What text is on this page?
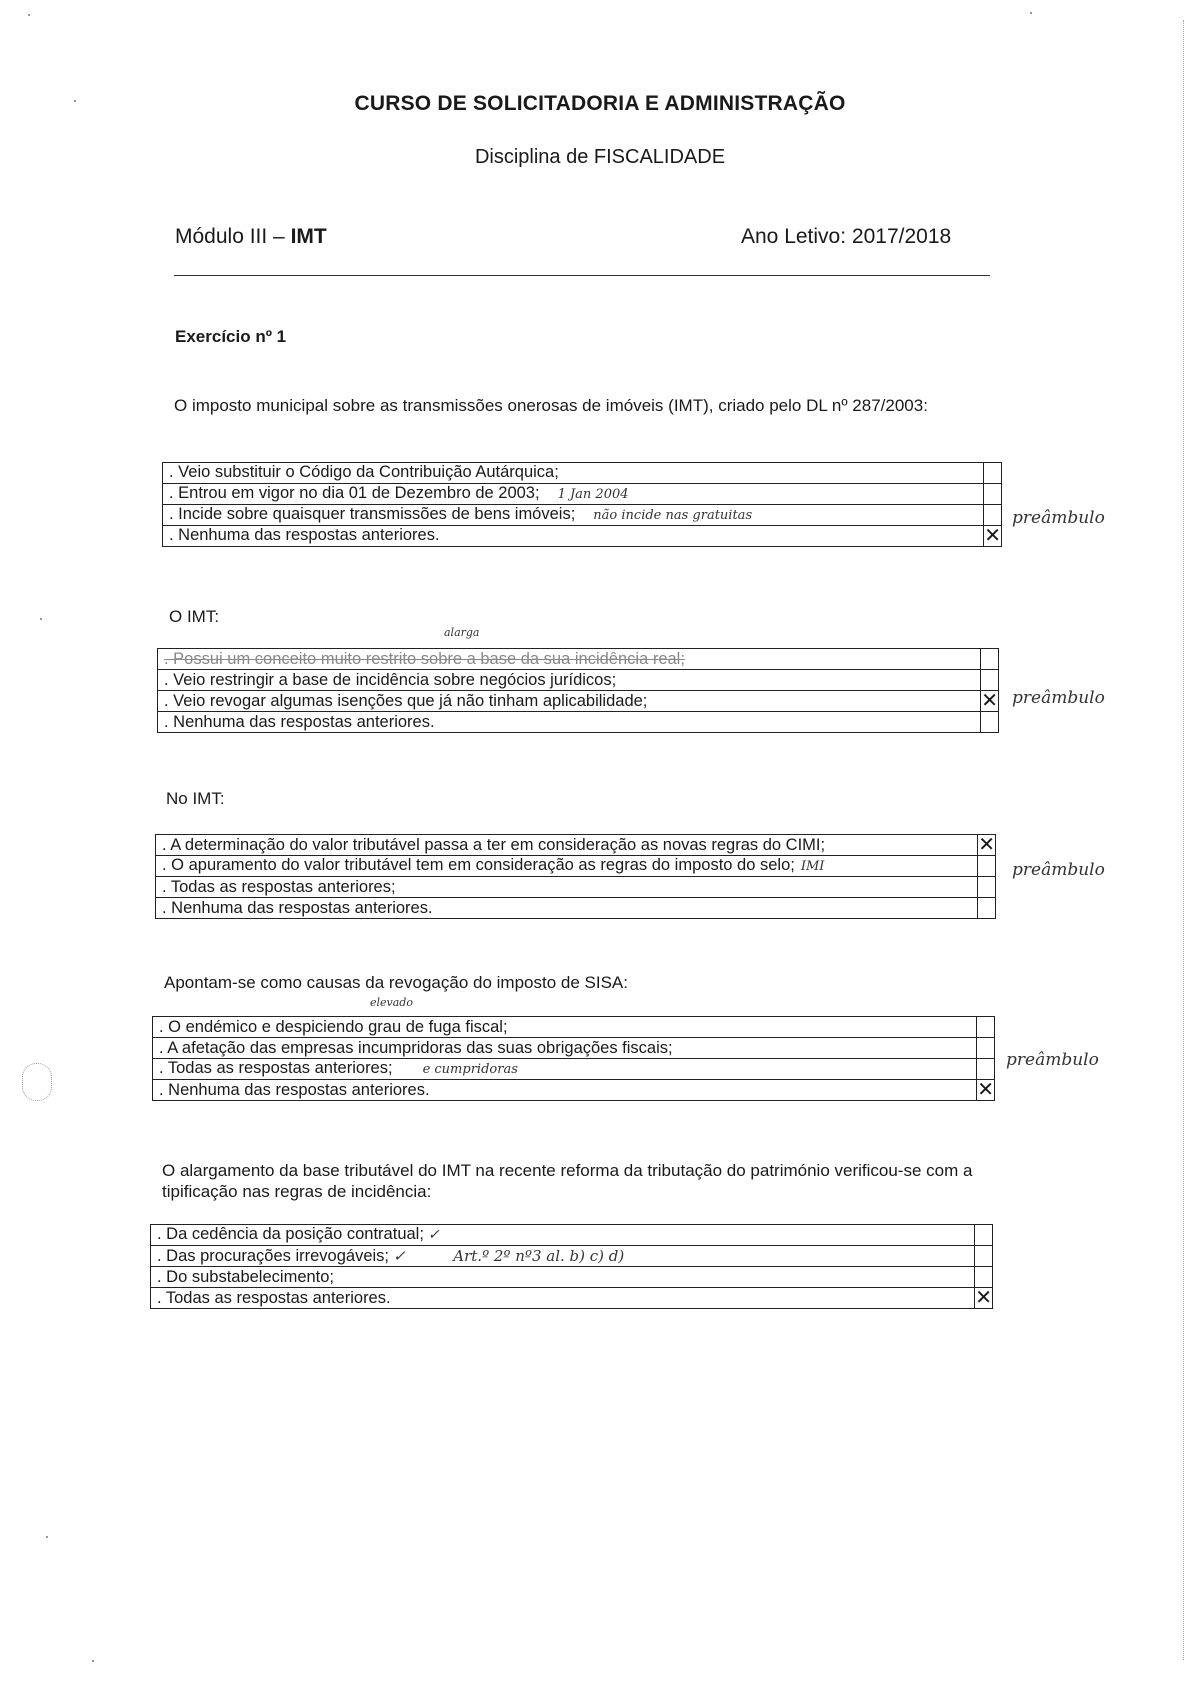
CURSO DE SOLICITADORIA E ADMINISTRAÇÃO
Disciplina de FISCALIDADE
Módulo III – IMT	Ano Letivo: 2017/2018
Exercício nº 1
O imposto municipal sobre as transmissões onerosas de imóveis (IMT), criado pelo DL nº 287/2003:
. Veio substituir o Código da Contribuição Autárquica;	
. Entrou em vigor no dia 01 de Dezembro de 2003; 1 Jan 2004	
. Incide sobre quaisquer transmissões de bens imóveis; não incide nas gratuitas	
. Nenhuma das respostas anteriores.	✕
preâmbulo
O IMT:
alarga
. Possui um conceito muito restrito sobre a base da sua incidência real;	
. Veio restringir a base de incidência sobre negócios jurídicos;	
. Veio revogar algumas isenções que já não tinham aplicabilidade;	✕
. Nenhuma das respostas anteriores.	
preâmbulo
No IMT:
. A determinação do valor tributável passa a ter em consideração as novas regras do CIMI;	✕
. O apuramento do valor tributável tem em consideração as regras do imposto do selo; IMI	
. Todas as respostas anteriores;	
. Nenhuma das respostas anteriores.	
preâmbulo
Apontam-se como causas da revogação do imposto de SISA:
elevado
. O endémico e despiciendo grau de fuga fiscal;	
. A afetação das empresas incumpridoras das suas obrigações fiscais;	
. Todas as respostas anteriores; e cumpridoras	
. Nenhuma das respostas anteriores.	✕
preâmbulo
O alargamento da base tributável do IMT na recente reforma da tributação do património verificou-se com a tipificação nas regras de incidência:
. Da cedência da posição contratual; ✓	
. Das procurações irrevogáveis; ✓          Art.º 2º nº3 al. b) c) d)	
. Do substabelecimento;	
. Todas as respostas anteriores.	✕
